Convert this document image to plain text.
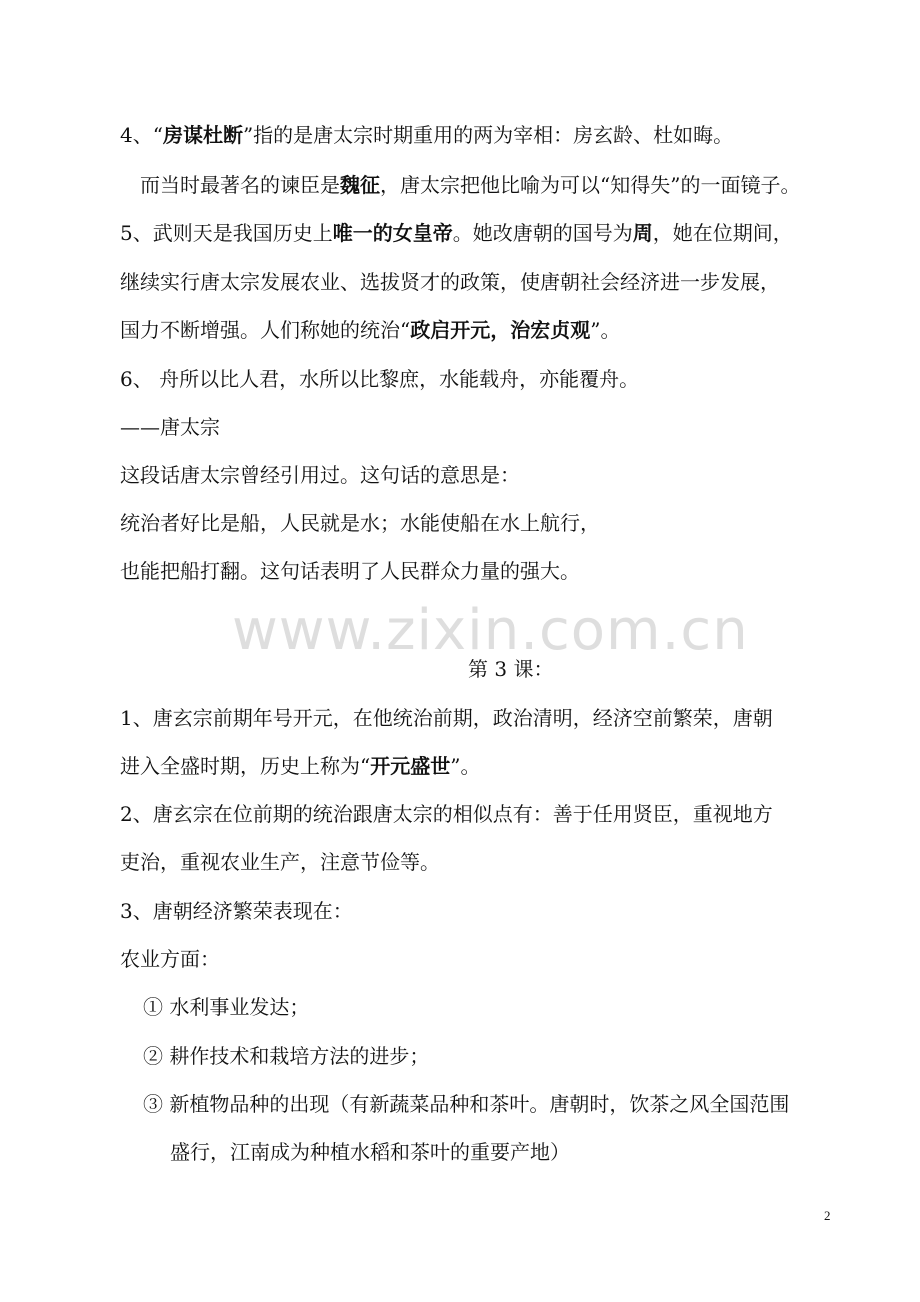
www.zixin.com.cn
4、“房谋杜断”指的是唐太宗时期重用的两为宰相：房玄龄、杜如晦。
而当时最著名的谏臣是魏征，唐太宗把他比喻为可以“知得失”的一面镜子。
5、武则天是我国历史上唯一的女皇帝。她改唐朝的国号为周，她在位期间，
继续实行唐太宗发展农业、选拔贤才的政策，使唐朝社会经济进一步发展，
国力不断增强。人们称她的统治“政启开元，治宏贞观”。
6、 舟所以比人君，水所以比黎庶，水能载舟，亦能覆舟。
——唐太宗
这段话唐太宗曾经引用过。这句话的意思是：
统治者好比是船，人民就是水；水能使船在水上航行，
也能把船打翻。这句话表明了人民群众力量的强大。
第 3 课：
1、唐玄宗前期年号开元，在他统治前期，政治清明，经济空前繁荣，唐朝
进入全盛时期，历史上称为“开元盛世”。
2、唐玄宗在位前期的统治跟唐太宗的相似点有：善于任用贤臣，重视地方
吏治，重视农业生产，注意节俭等。
3、唐朝经济繁荣表现在：
农业方面：
① 水利事业发达；
② 耕作技术和栽培方法的进步；
③ 新植物品种的出现（有新蔬菜品种和茶叶。唐朝时，饮茶之风全国范围
盛行，江南成为种植水稻和茶叶的重要产地）
2
